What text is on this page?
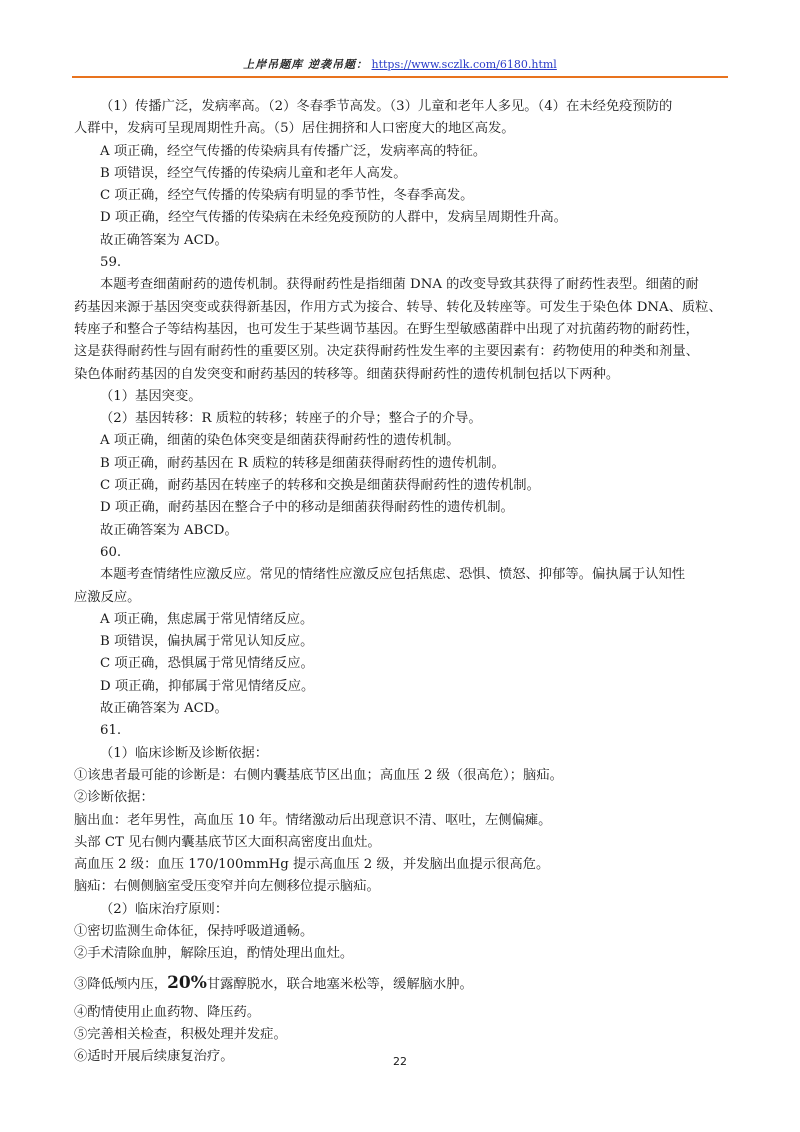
上岸吊题库 逆袭吊题： https://www.sczlk.com/6180.html

（1）传播广泛，发病率高。（2）冬春季节高发。（3）儿童和老年人多见。（4）在未经免疫预防的

人群中，发病可呈现周期性升高。（5）居住拥挤和人口密度大的地区高发。

A 项正确，经空气传播的传染病具有传播广泛，发病率高的特征。

B 项错误，经空气传播的传染病儿童和老年人高发。

C 项正确，经空气传播的传染病有明显的季节性，冬春季高发。

D 项正确，经空气传播的传染病在未经免疫预防的人群中，发病呈周期性升高。

故正确答案为 ACD。

59.

本题考查细菌耐药的遗传机制。获得耐药性是指细菌 DNA 的改变导致其获得了耐药性表型。细菌的耐

药基因来源于基因突变或获得新基因，作用方式为接合、转导、转化及转座等。可发生于染色体 DNA、质粒、

转座子和整合子等结构基因，也可发生于某些调节基因。在野生型敏感菌群中出现了对抗菌药物的耐药性，

这是获得耐药性与固有耐药性的重要区别。决定获得耐药性发生率的主要因素有：药物使用的种类和剂量、

染色体耐药基因的自发突变和耐药基因的转移等。细菌获得耐药性的遗传机制包括以下两种。

（1）基因突变。

（2）基因转移：R 质粒的转移；转座子的介导；整合子的介导。

A 项正确，细菌的染色体突变是细菌获得耐药性的遗传机制。

B 项正确，耐药基因在 R 质粒的转移是细菌获得耐药性的遗传机制。

C 项正确，耐药基因在转座子的转移和交换是细菌获得耐药性的遗传机制。

D 项正确，耐药基因在整合子中的移动是细菌获得耐药性的遗传机制。

故正确答案为 ABCD。

60.

本题考查情绪性应激反应。常见的情绪性应激反应包括焦虑、恐惧、愤怒、抑郁等。偏执属于认知性

应激反应。

A 项正确，焦虑属于常见情绪反应。

B 项错误，偏执属于常见认知反应。

C 项正确，恐惧属于常见情绪反应。

D 项正确，抑郁属于常见情绪反应。

故正确答案为 ACD。

61.

（1）临床诊断及诊断依据：

①该患者最可能的诊断是：右侧内囊基底节区出血；高血压 2 级（很高危）；脑疝。

②诊断依据：

脑出血：老年男性，高血压 10 年。情绪激动后出现意识不清、呕吐，左侧偏瘫。

头部 CT 见右侧内囊基底节区大面积高密度出血灶。

高血压 2 级：血压 170/100mmHg 提示高血压 2 级，并发脑出血提示很高危。

脑疝：右侧侧脑室受压变窄并向左侧移位提示脑疝。

（2）临床治疗原则：

①密切监测生命体征，保持呼吸道通畅。

②手术清除血肿，解除压迫，酌情处理出血灶。

③降低颅内压，20%甘露醇脱水，联合地塞米松等，缓解脑水肿。

④酌情使用止血药物、降压药。

⑤完善相关检查，积极处理并发症。

⑥适时开展后续康复治疗。	22
